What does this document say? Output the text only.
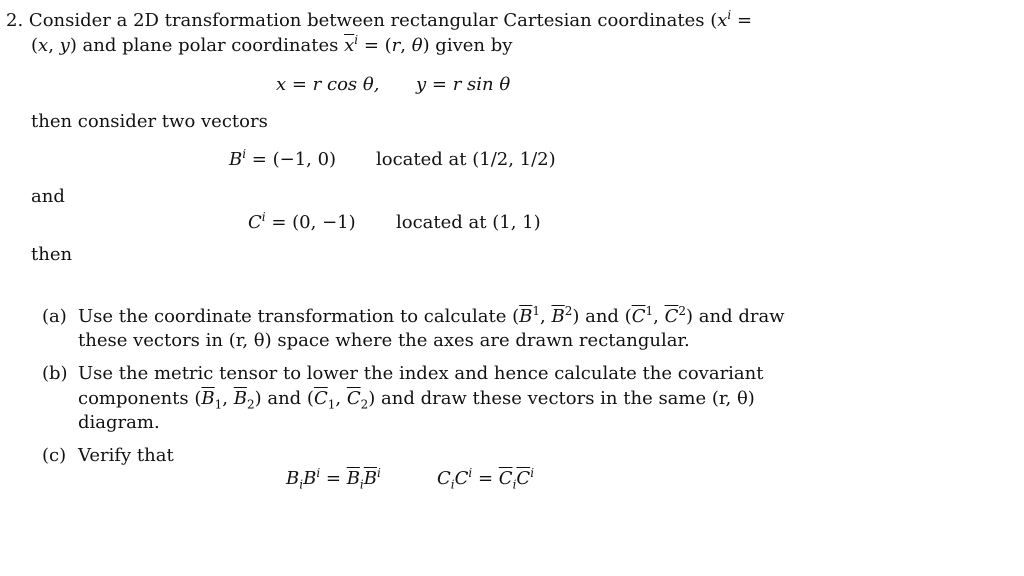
2. Consider a 2D transformation between rectangular Cartesian coordinates ($x^i$ =
(x, y) and plane polar coordinates $\overline{x}^i = (r$, θ) given by
x = r cos θ, y = r sin θ
then consider two vectors
$B^i = (-1$, 0) located at (1/2, 1/2)
and
$C^i = (0$, −1) located at (1, 1)
then
(a) Use the coordinate transformation to calculate ($\overline{B}^1$, $\overline{B}^2$) and ($\overline{C}^1$, $\overline{C}^2$) and draw
these vectors in (r, θ) space where the axes are drawn rectangular.
(b) Use the metric tensor to lower the index and hence calculate the covariant
components ($\overline{B}_1$, $\overline{B}_2$) and ($\overline{C}_1$, $\overline{C}_2$) and draw these vectors in the same (r, θ)
diagram.
(c) Verify that
$B_iB^i = \overline{B}_i\overline{B}^i$	$C_iC^i = \overline{C}_i\overline{C}^i$
